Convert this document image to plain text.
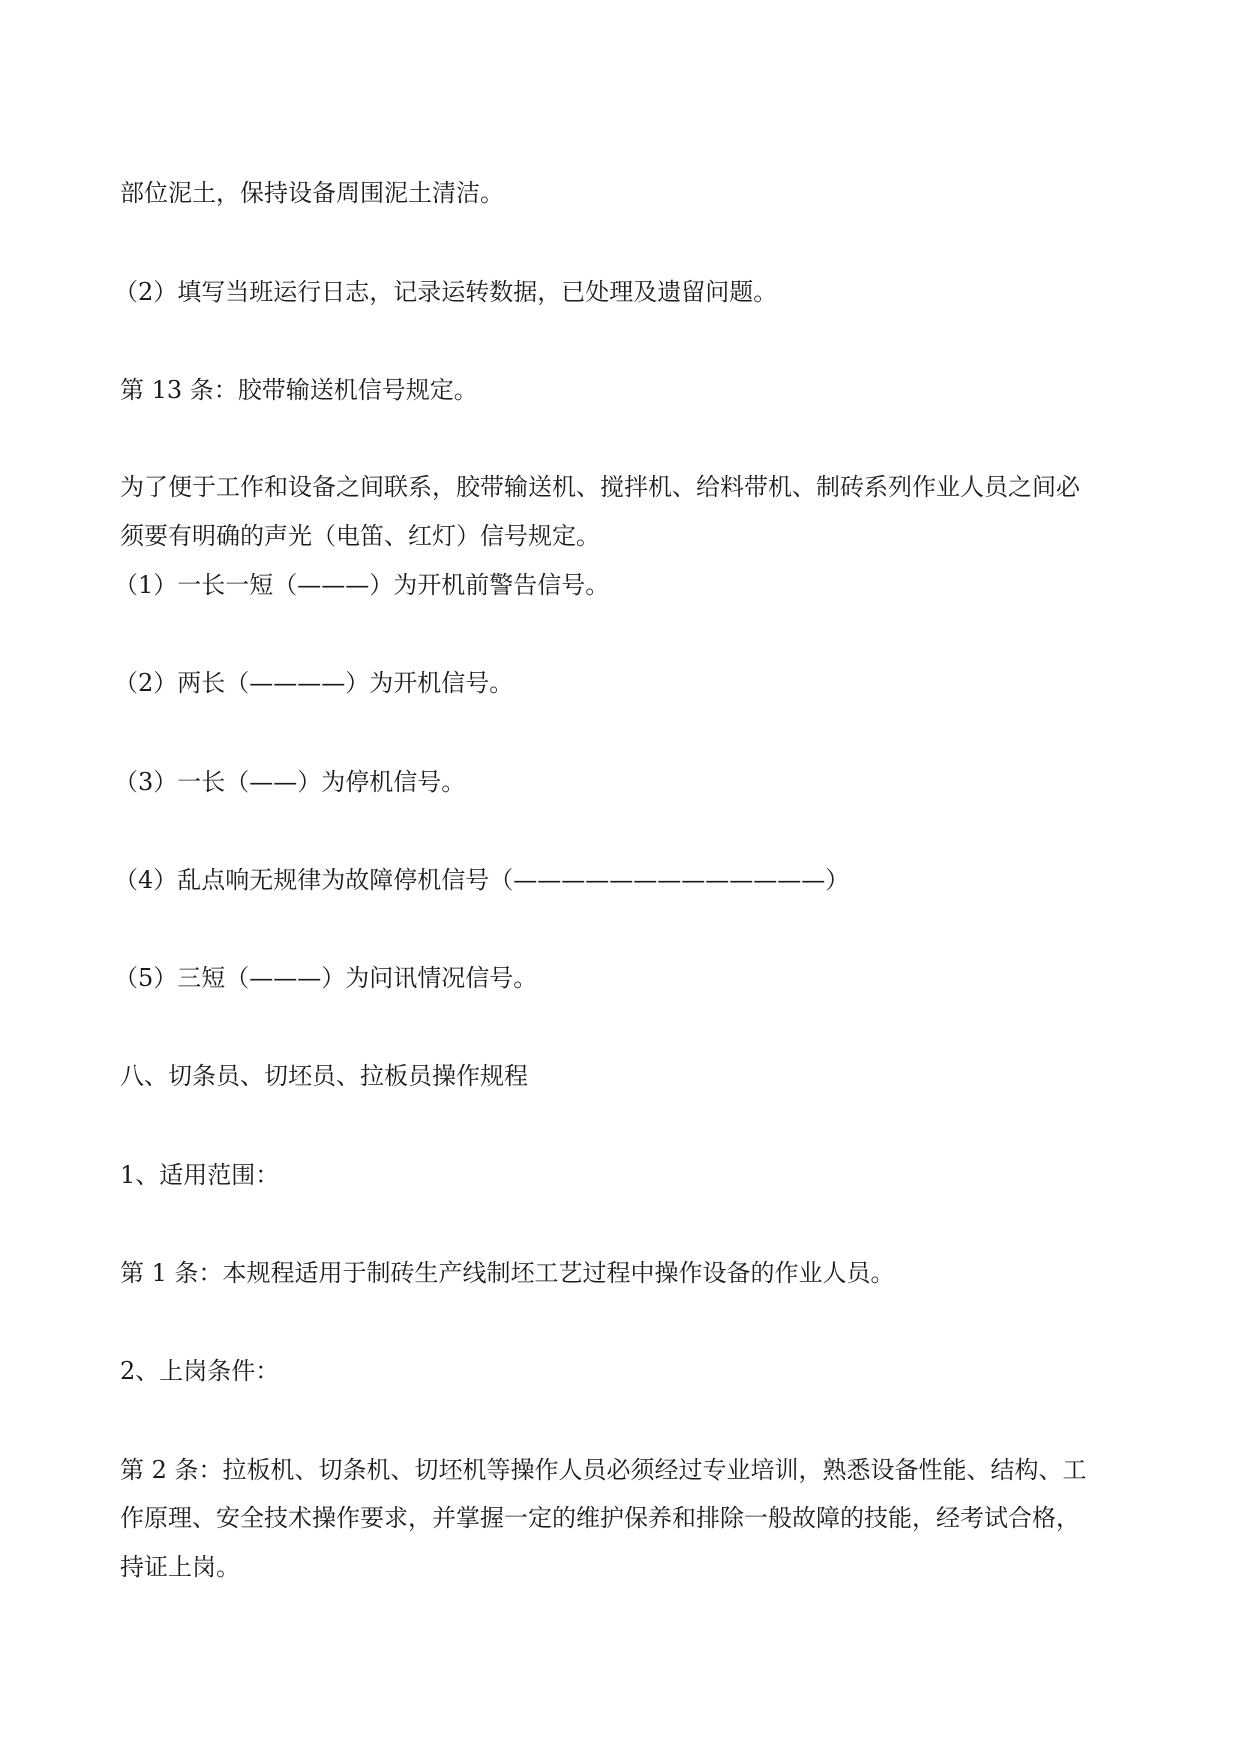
部位泥土，保持设备周围泥土清洁。

（2）填写当班运行日志，记录运转数据，已处理及遗留问题。

第 13 条：胶带输送机信号规定。

为了便于工作和设备之间联系，胶带输送机、搅拌机、给料带机、制砖系列作业人员之间必

须要有明确的声光（电笛、红灯）信号规定。

（1）一长一短（———）为开机前警告信号。

（2）两长（————）为开机信号。

（3）一长（——）为停机信号。

（4）乱点响无规律为故障停机信号（—————————————）

（5）三短（———）为问讯情况信号。

八、切条员、切坯员、拉板员操作规程

1、适用范围：

第 1 条：本规程适用于制砖生产线制坯工艺过程中操作设备的作业人员。

2、上岗条件：

第 2 条：拉板机、切条机、切坯机等操作人员必须经过专业培训，熟悉设备性能、结构、工

作原理、安全技术操作要求，并掌握一定的维护保养和排除一般故障的技能，经考试合格，

持证上岗。
